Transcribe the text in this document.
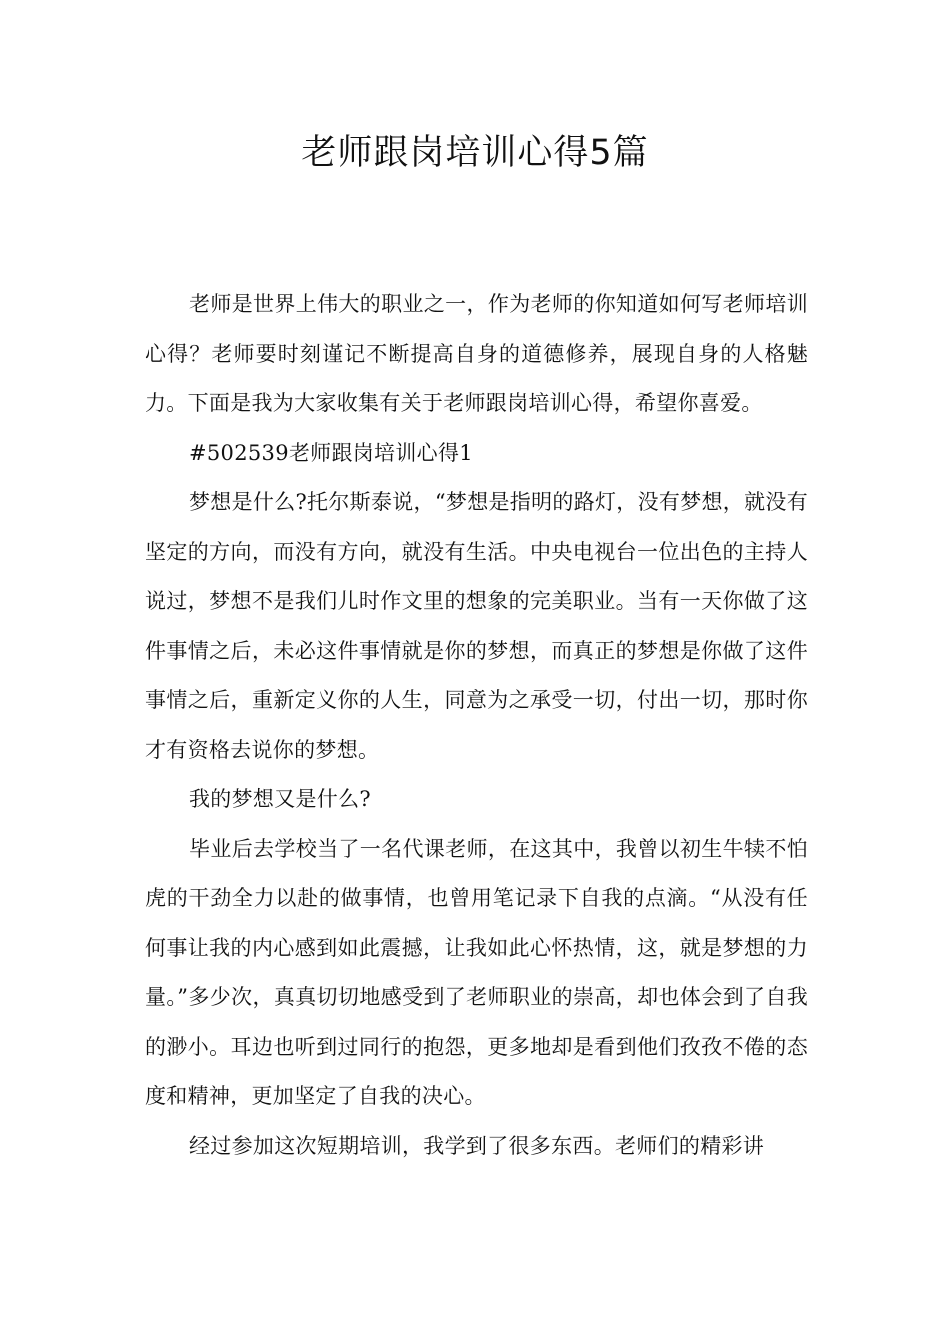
老师跟岗培训心得5篇

老师是世界上伟大的职业之一，作为老师的你知道如何写老师培训心得？老师要时刻谨记不断提高自身的道德修养，展现自身的人格魅力。下面是我为大家收集有关于老师跟岗培训心得，希望你喜爱。

#502539老师跟岗培训心得1

梦想是什么?托尔斯泰说，“梦想是指明的路灯，没有梦想，就没有坚定的方向，而没有方向，就没有生活。中央电视台一位出色的主持人说过，梦想不是我们儿时作文里的想象的完美职业。当有一天你做了这件事情之后，未必这件事情就是你的梦想，而真正的梦想是你做了这件事情之后，重新定义你的人生，同意为之承受一切，付出一切，那时你才有资格去说你的梦想。

我的梦想又是什么?

毕业后去学校当了一名代课老师，在这其中，我曾以初生牛犊不怕虎的干劲全力以赴的做事情，也曾用笔记录下自我的点滴。“从没有任何事让我的内心感到如此震撼，让我如此心怀热情，这，就是梦想的力量。”多少次，真真切切地感受到了老师职业的崇高，却也体会到了自我的渺小。耳边也听到过同行的抱怨，更多地却是看到他们孜孜不倦的态度和精神，更加坚定了自我的决心。

经过参加这次短期培训，我学到了很多东西。老师们的精彩讲
